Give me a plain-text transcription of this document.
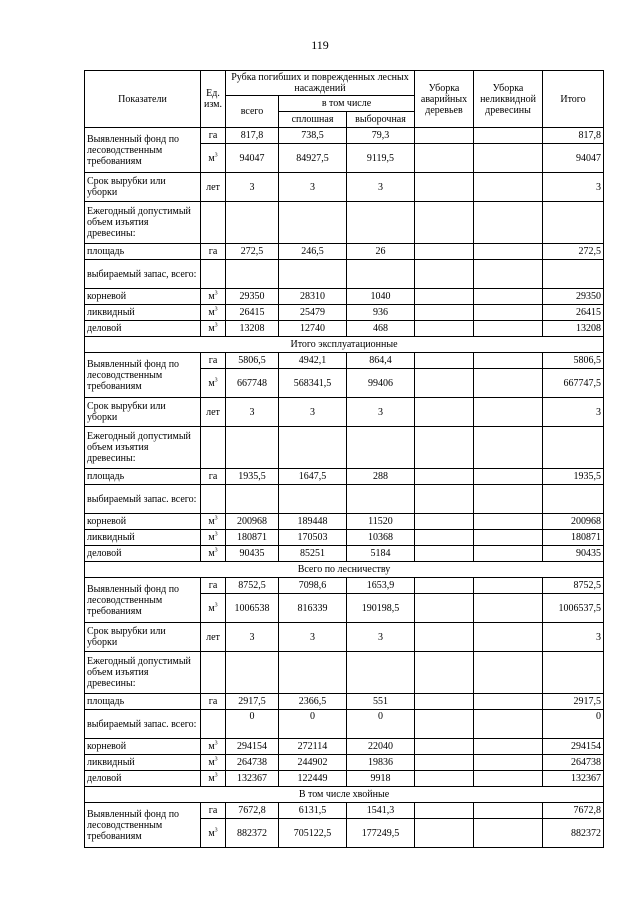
119
Показатели	Ед. изм.	Рубка погибших и поврежденных лесных насаждений			Уборка аварийных деревьев	Уборка неликвидной древесины	Итого
		всего	в том числе				
			сплошная	выборочная			
Выявленный фонд по лесоводственным требованиям	га	817,8	738,5	79,3			817,8
	$м^3$	94047	84927,5	9119,5			94047
Срок вырубки или уборки	лет	3	3	3			3
Ежегодный допустимый объем изъятия древесины:							
площадь	га	272,5	246,5	26			272,5
выбираемый запас, всего:							
корневой	$м^3$	29350	28310	1040			29350
ликвидный	$м^3$	26415	25479	936			26415
деловой	$м^3$	13208	12740	468			13208
Итого эксплуатационные							
Выявленный фонд по лесоводственным требованиям	га	5806,5	4942,1	864,4			5806,5
	$м^3$	667748	568341,5	99406			667747,5
Срок вырубки или уборки	лет	3	3	3			3
Ежегодный допустимый объем изъятия древесины:							
площадь	га	1935,5	1647,5	288			1935,5
выбираемый запас. всего:							
корневой	$м^3$	200968	189448	11520			200968
ликвидный	$м^3$	180871	170503	10368			180871
деловой	$м^3$	90435	85251	5184			90435
Всего по лесничеству							
Выявленный фонд по лесоводственным требованиям	га	8752,5	7098,6	1653,9			8752,5
	$м^3$	1006538	816339	190198,5			1006537,5
Срок вырубки или уборки	лет	3	3	3			3
Ежегодный допустимый объем изъятия древесины:							
площадь	га	2917,5	2366,5	551			2917,5
выбираемый запас. всего:		0	0	0			0
корневой	$м^3$	294154	272114	22040			294154
ликвидный	$м^3$	264738	244902	19836			264738
деловой	$м^3$	132367	122449	9918			132367
В том числе хвойные							
Выявленный фонд по лесоводственным требованиям	га	7672,8	6131,5	1541,3			7672,8
	$м^3$	882372	705122,5	177249,5			882372
